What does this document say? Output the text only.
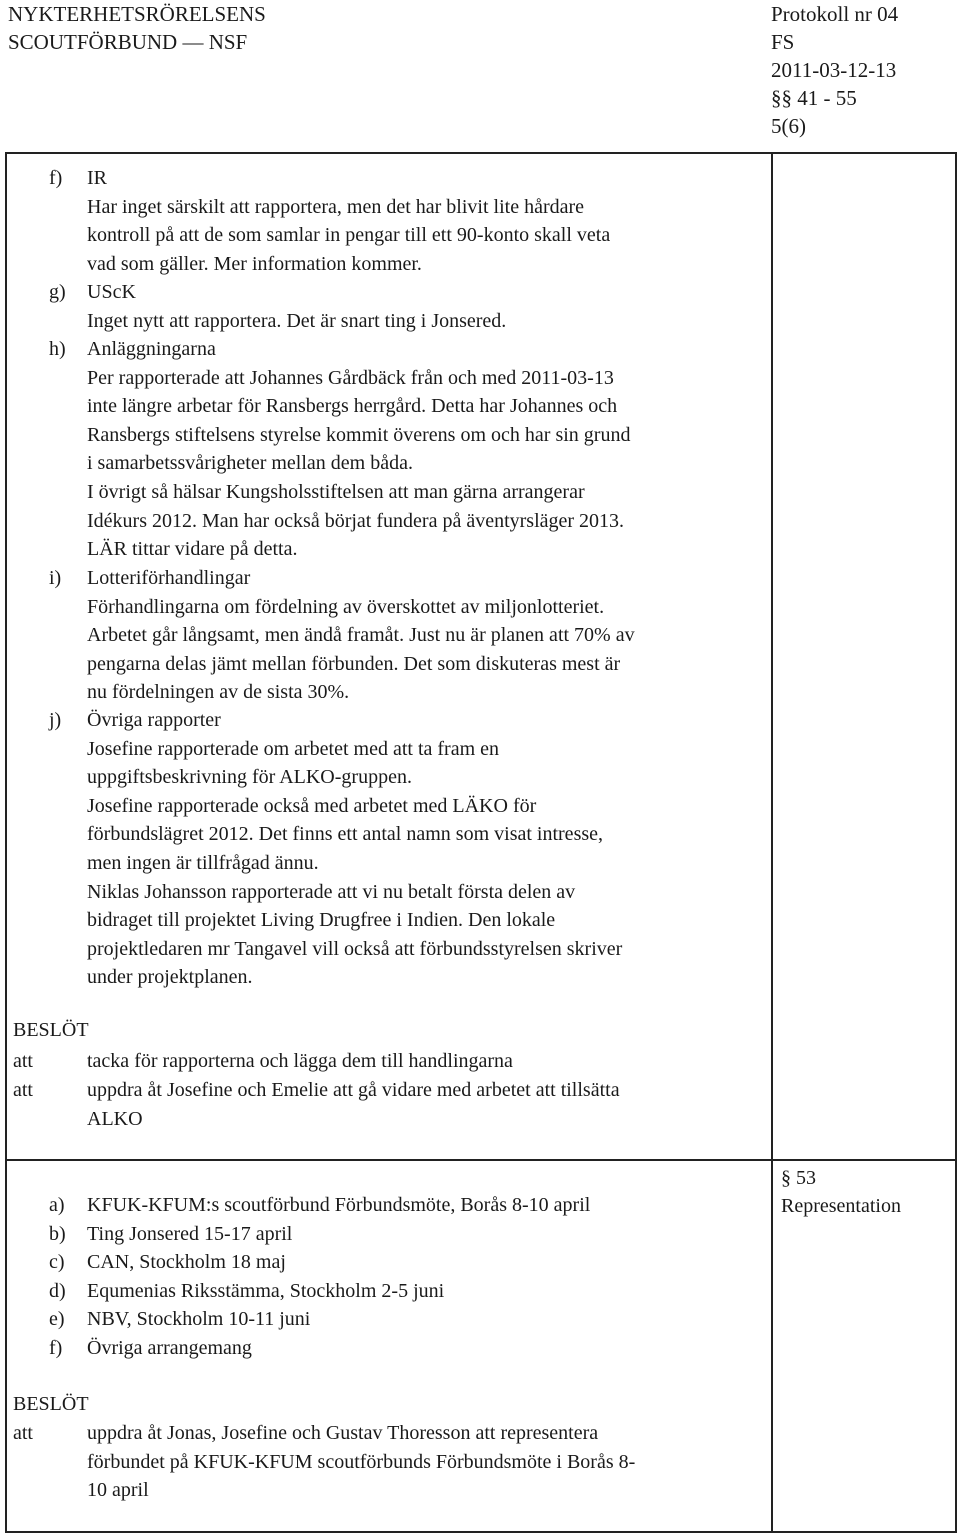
NYKTERHETSRÖRELSENS
SCOUTFÖRBUND — NSF
Protokoll nr 04
FS
2011-03-12-13
§§ 41 - 55
5(6)
f) IR
Har inget särskilt att rapportera, men det har blivit lite hårdare
kontroll på att de som samlar in pengar till ett 90-konto skall veta
vad som gäller. Mer information kommer.
g) UScK
Inget nytt att rapportera. Det är snart ting i Jonsered.
h) Anläggningarna
Per rapporterade att Johannes Gårdbäck från och med 2011-03-13
inte längre arbetar för Ransbergs herrgård. Detta har Johannes och
Ransbergs stiftelsens styrelse kommit överens om och har sin grund
i samarbetssvårigheter mellan dem båda.
I övrigt så hälsar Kungsholsstiftelsen att man gärna arrangerar
Idékurs 2012. Man har också börjat fundera på äventyrsläger 2013.
LÄR tittar vidare på detta.
i) Lotteriförhandlingar
Förhandlingarna om fördelning av överskottet av miljonlotteriet.
Arbetet går långsamt, men ändå framåt. Just nu är planen att 70% av
pengarna delas jämt mellan förbunden. Det som diskuteras mest är
nu fördelningen av de sista 30%.
j) Övriga rapporter
Josefine rapporterade om arbetet med att ta fram en
uppgiftsbeskrivning för ALKO-gruppen.
Josefine rapporterade också med arbetet med LÄKO för
förbundslägret 2012. Det finns ett antal namn som visat intresse,
men ingen är tillfrågad ännu.
Niklas Johansson rapporterade att vi nu betalt första delen av
bidraget till projektet Living Drugfree i Indien. Den lokale
projektledaren mr Tangavel vill också att förbundsstyrelsen skriver
under projektplanen.
BESLÖT
att	tacka för rapporterna och lägga dem till handlingarna
att	uppdra åt Josefine och Emelie att gå vidare med arbetet att tillsätta
ALKO
§ 53
Representation
a) KFUK-KFUM:s scoutförbund Förbundsmöte, Borås 8-10 april
b) Ting Jonsered 15-17 april
c) CAN, Stockholm 18 maj
d) Equmenias Riksstämma, Stockholm 2-5 juni
e) NBV, Stockholm 10-11 juni
f) Övriga arrangemang
BESLÖT
att	uppdra åt Jonas, Josefine och Gustav Thoresson att representera
förbundet på KFUK-KFUM scoutförbunds Förbundsmöte i Borås 8-
10 april
